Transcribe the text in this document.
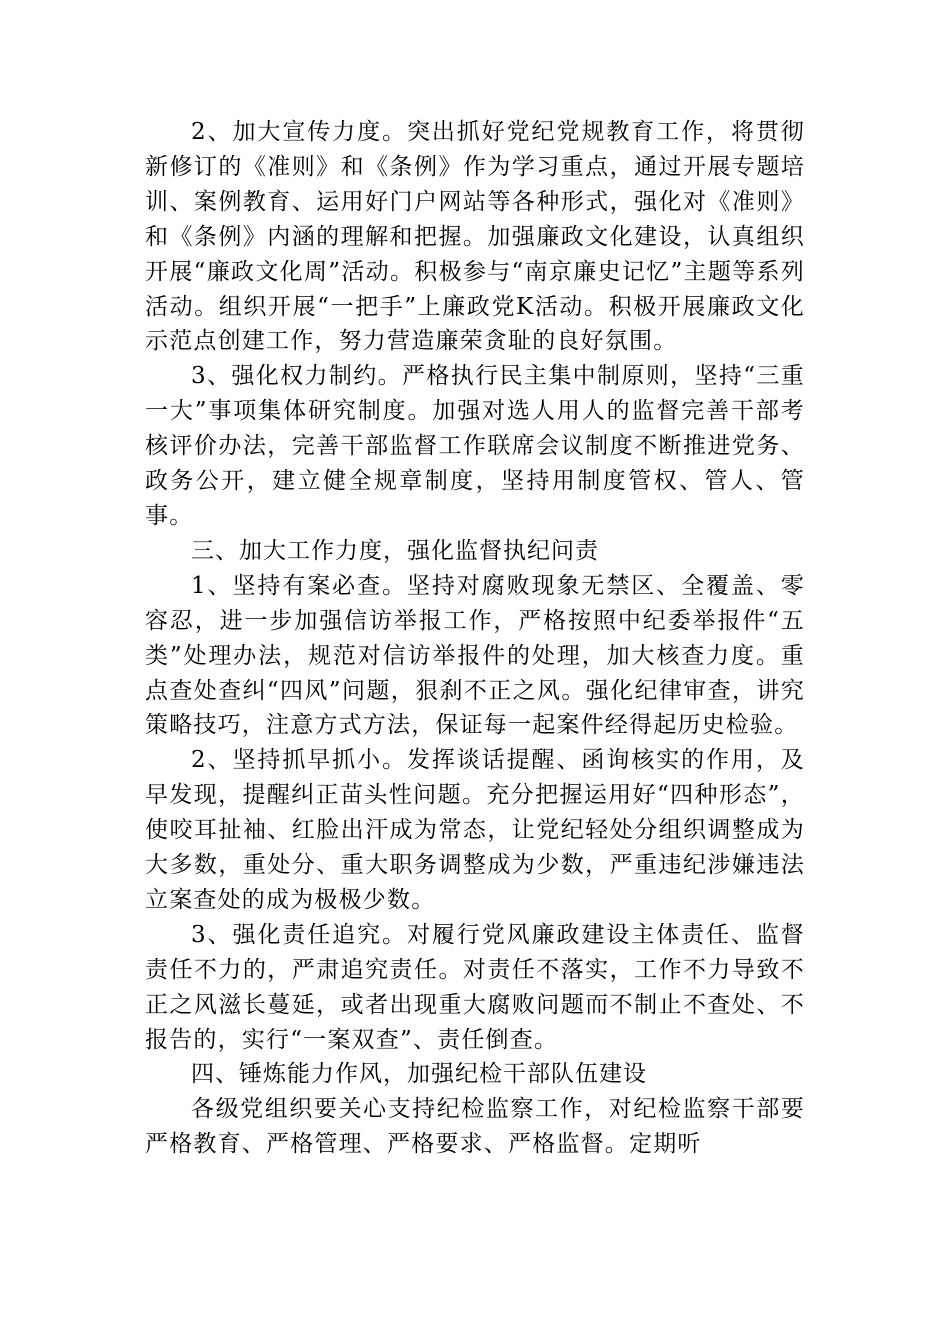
2、加大宣传力度。突出抓好党纪党规教育工作，将贯彻新修订的《准则》和《条例》作为学习重点，通过开展专题培训、案例教育、运用好门户网站等各种形式，强化对《准则》和《条例》内涵的理解和把握。加强廉政文化建设，认真组织开展“廉政文化周”活动。积极参与“南京廉史记忆”主题等系列活动。组织开展“一把手”上廉政党K活动。积极开展廉政文化示范点创建工作，努力营造廉荣贪耻的良好氛围。

3、强化权力制约。严格执行民主集中制原则，坚持“三重一大”事项集体研究制度。加强对选人用人的监督完善干部考核评价办法，完善干部监督工作联席会议制度不断推进党务、政务公开，建立健全规章制度，坚持用制度管权、管人、管事。

三、加大工作力度，强化监督执纪问责

1、坚持有案必查。坚持对腐败现象无禁区、全覆盖、零容忍，进一步加强信访举报工作，严格按照中纪委举报件“五类”处理办法，规范对信访举报件的处理，加大核查力度。重点查处查纠“四风”问题，狠刹不正之风。强化纪律审查，讲究策略技巧，注意方式方法，保证每一起案件经得起历史检验。

2、坚持抓早抓小。发挥谈话提醒、函询核实的作用，及早发现，提醒纠正苗头性问题。充分把握运用好“四种形态”，使咬耳扯袖、红脸出汗成为常态，让党纪轻处分组织调整成为大多数，重处分、重大职务调整成为少数，严重违纪涉嫌违法立案查处的成为极极少数。

3、强化责任追究。对履行党风廉政建设主体责任、监督责任不力的，严肃追究责任。对责任不落实，工作不力导致不正之风滋长蔓延，或者出现重大腐败问题而不制止不查处、不报告的，实行“一案双查”、责任倒查。

四、锤炼能力作风，加强纪检干部队伍建设

各级党组织要关心支持纪检监察工作，对纪检监察干部要严格教育、严格管理、严格要求、严格监督。定期听
